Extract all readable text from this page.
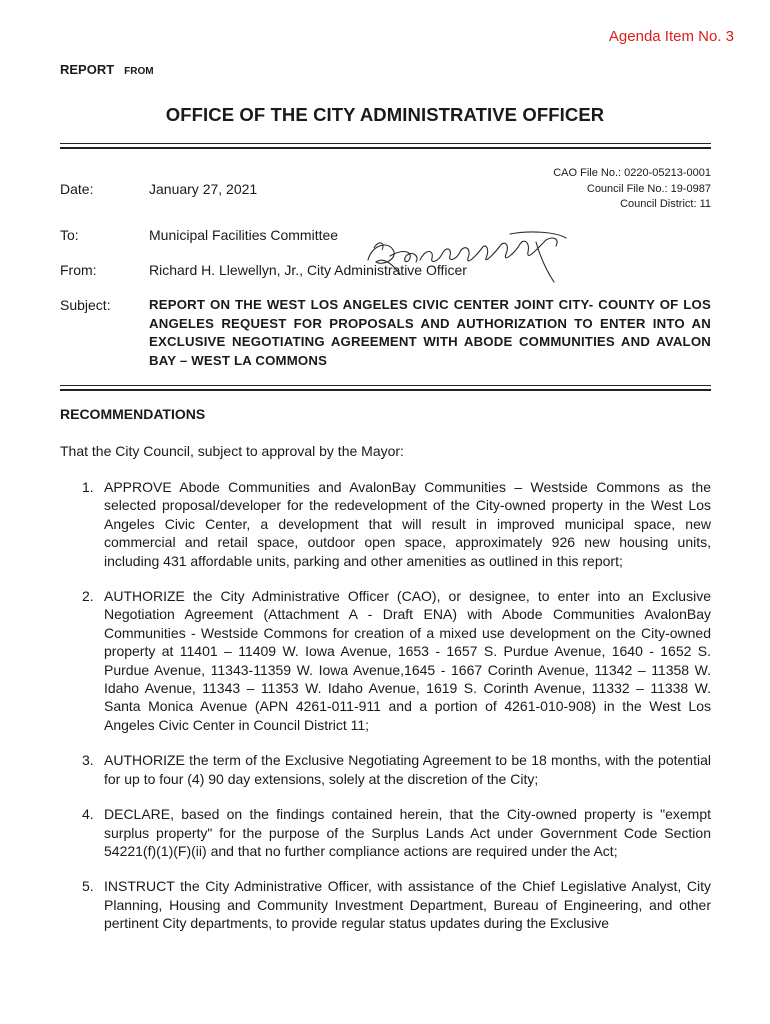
Agenda Item No. 3
REPORT FROM
OFFICE OF THE CITY ADMINISTRATIVE OFFICER
CAO File No.: 0220-05213-0001
Council File No.: 19-0987
Council District: 11
Date:	January 27, 2021
To:	Municipal Facilities Committee
From:	Richard H. Llewellyn, Jr., City Administrative Officer
Subject:	REPORT ON THE WEST LOS ANGELES CIVIC CENTER JOINT CITY- COUNTY OF LOS ANGELES REQUEST FOR PROPOSALS AND AUTHORIZATION TO ENTER INTO AN EXCLUSIVE NEGOTIATING AGREEMENT WITH ABODE COMMUNITIES AND AVALON BAY – WEST LA COMMONS
RECOMMENDATIONS
That the City Council, subject to approval by the Mayor:
1. APPROVE Abode Communities and AvalonBay Communities – Westside Commons as the selected proposal/developer for the redevelopment of the City-owned property in the West Los Angeles Civic Center, a development that will result in improved municipal space, new commercial and retail space, outdoor open space, approximately 926 new housing units, including 431 affordable units, parking and other amenities as outlined in this report;
2. AUTHORIZE the City Administrative Officer (CAO), or designee, to enter into an Exclusive Negotiation Agreement (Attachment A - Draft ENA) with Abode Communities AvalonBay Communities - Westside Commons for creation of a mixed use development on the City-owned property at 11401 – 11409 W. Iowa Avenue, 1653 - 1657 S. Purdue Avenue, 1640 - 1652 S. Purdue Avenue, 11343-11359 W. Iowa Avenue,1645 - 1667 Corinth Avenue, 11342 – 11358 W. Idaho Avenue, 11343 – 11353 W. Idaho Avenue, 1619 S. Corinth Avenue, 11332 – 11338 W. Santa Monica Avenue (APN 4261-011-911 and a portion of 4261-010-908) in the West Los Angeles Civic Center in Council District 11;
3. AUTHORIZE the term of the Exclusive Negotiating Agreement to be 18 months, with the potential for up to four (4) 90 day extensions, solely at the discretion of the City;
4. DECLARE, based on the findings contained herein, that the City-owned property is "exempt surplus property" for the purpose of the Surplus Lands Act under Government Code Section 54221(f)(1)(F)(ii) and that no further compliance actions are required under the Act;
5. INSTRUCT the City Administrative Officer, with assistance of the Chief Legislative Analyst, City Planning, Housing and Community Investment Department, Bureau of Engineering, and other pertinent City departments, to provide regular status updates during the Exclusive
